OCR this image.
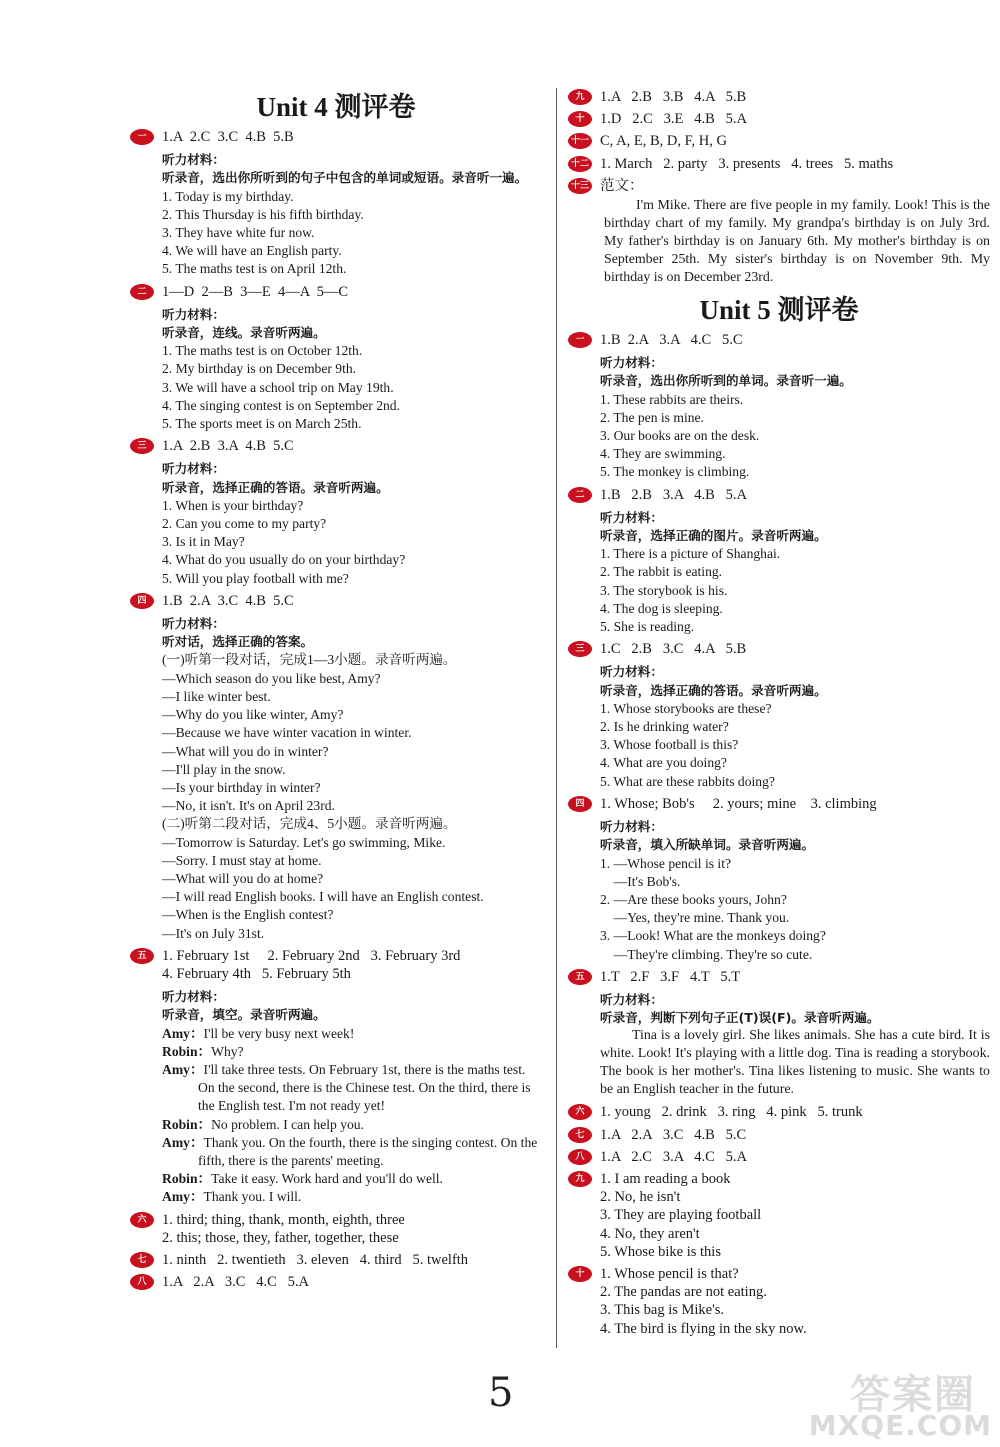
Unit 4 测评卷
一	1.A  2.C  3.C  4.B  5.B
听力材料：
听录音，选出你所听到的句子中包含的单词或短语。录音听一遍。
1. Today is my birthday.
2. This Thursday is his fifth birthday.
3. They have white fur now.
4. We will have an English party.
5. The maths test is on April 12th.
二	1—D  2—B  3—E  4—A  5—C
听力材料：
听录音，连线。录音听两遍。
1. The maths test is on October 12th.
2. My birthday is on December 9th.
3. We will have a school trip on May 19th.
4. The singing contest is on September 2nd.
5. The sports meet is on March 25th.
三	1.A  2.B  3.A  4.B  5.C
听力材料：
听录音，选择正确的答语。录音听两遍。
1. When is your birthday?
2. Can you come to my party?
3. Is it in May?
4. What do you usually do on your birthday?
5. Will you play football with me?
四	1.B  2.A  3.C  4.B  5.C
听力材料：
听对话，选择正确的答案。
(一)听第一段对话，完成1—3小题。录音听两遍。
—Which season do you like best, Amy?
—I like winter best.
—Why do you like winter, Amy?
—Because we have winter vacation in winter.
—What will you do in winter?
—I'll play in the snow.
—Is your birthday in winter?
—No, it isn't. It's on April 23rd.
(二)听第二段对话，完成4、5小题。录音听两遍。
—Tomorrow is Saturday. Let's go swimming, Mike.
—Sorry. I must stay at home.
—What will you do at home?
—I will read English books. I will have an English contest.
—When is the English contest?
—It's on July 31st.
五	1. February 1st     2. February 2nd   3. February 3rd
4. February 4th   5. February 5th
听力材料：
听录音，填空。录音听两遍。
Amy：I'll be very busy next week!
Robin：Why?
Amy：I'll take three tests. On February 1st, there is the maths test. On the second, there is the Chinese test. On the third, there is the English test. I'm not ready yet!
Robin：No problem. I can help you.
Amy：Thank you. On the fourth, there is the singing contest. On the fifth, there is the parents' meeting.
Robin：Take it easy. Work hard and you'll do well.
Amy：Thank you. I will.
六	1. third; thing, thank, month, eighth, three
2. this; those, they, father, together, these
七	1. ninth   2. twentieth   3. eleven   4. third   5. twelfth
八	1.A   2.A   3.C   4.C   5.A
九	1.A   2.B   3.B   4.A   5.B
十	1.D   2.C   3.E   4.B   5.A
十一 C, A, E, B, D, F, H, G
十二 1. March   2. party   3. presents   4. trees   5. maths
十三 范文：
I'm Mike. There are five people in my family. Look! This is the birthday chart of my family. My grandpa's birthday is on July 3rd. My father's birthday is on January 6th. My mother's birthday is on September 25th. My sister's birthday is on November 9th. My birthday is on December 23rd.
Unit 5 测评卷
一	1.B  2.A   3.A   4.C   5.C
听力材料：
听录音，选出你所听到的单词。录音听一遍。
1. These rabbits are theirs.
2. The pen is mine.
3. Our books are on the desk.
4. They are swimming.
5. The monkey is climbing.
二	1.B   2.B   3.A   4.B   5.A
听力材料：
听录音，选择正确的图片。录音听两遍。
1. There is a picture of Shanghai.
2. The rabbit is eating.
3. The storybook is his.
4. The dog is sleeping.
5. She is reading.
三	1.C   2.B   3.C   4.A   5.B
听力材料：
听录音，选择正确的答语。录音听两遍。
1. Whose storybooks are these?
2. Is he drinking water?
3. Whose football is this?
4. What are you doing?
5. What are these rabbits doing?
四	1. Whose; Bob's     2. yours; mine    3. climbing
听力材料：
听录音，填入所缺单词。录音听两遍。
1. —Whose pencil is it?
—It's Bob's.
2. —Are these books yours, John?
—Yes, they're mine. Thank you.
3. —Look! What are the monkeys doing?
—They're climbing. They're so cute.
五	1.T   2.F   3.F   4.T   5.T
听力材料：
听录音，判断下列句子正(T)误(F)。录音听两遍。
Tina is a lovely girl. She likes animals. She has a cute bird. It is white. Look! It's playing with a little dog. Tina is reading a storybook. The book is her mother's. Tina likes listening to music. She wants to be an English teacher in the future.
六	1. young   2. drink   3. ring   4. pink   5. trunk
七	1.A   2.A   3.C   4.B   5.C
八	1.A   2.C   3.A   4.C   5.A
九	1. I am reading a book
2. No, he isn't
3. They are playing football
4. No, they aren't
5. Whose bike is this
十	1. Whose pencil is that?
2. The pandas are not eating.
3. This bag is Mike's.
4. The bird is flying in the sky now.
5	答案圈
MXQE.COM
